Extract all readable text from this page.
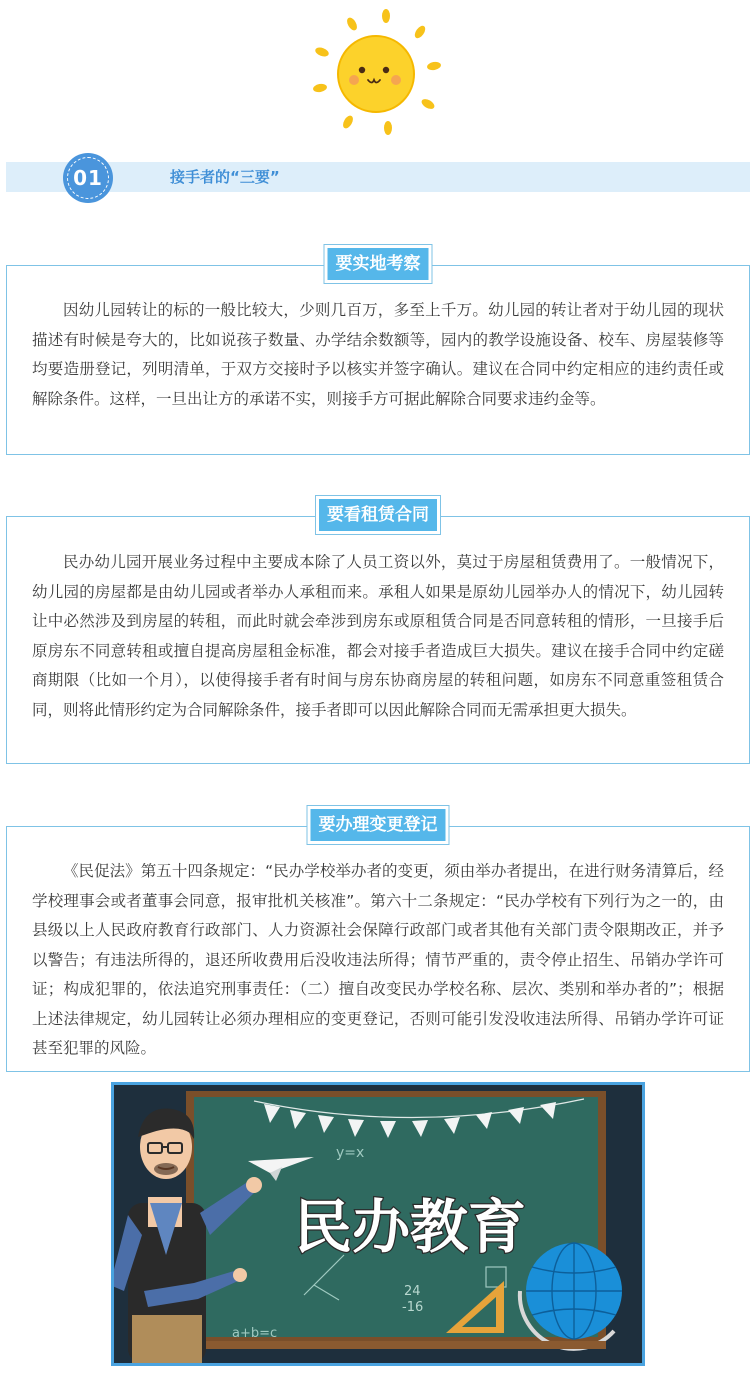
01	接手者的“三要”
要实地考察

因幼儿园转让的标的一般比较大，少则几百万，多至上千万。幼儿园的转让者对于幼儿园的现状描述有时候是夸大的，比如说孩子数量、办学结余数额等，园内的教学设施设备、校车、房屋装修等均要造册登记，列明清单，于双方交接时予以核实并签字确认。建议在合同中约定相应的违约责任或解除条件。这样，一旦出让方的承诺不实，则接手方可据此解除合同要求违约金等。

要看租赁合同

民办幼儿园开展业务过程中主要成本除了人员工资以外，莫过于房屋租赁费用了。一般情况下，幼儿园的房屋都是由幼儿园或者举办人承租而来。承租人如果是原幼儿园举办人的情况下，幼儿园转让中必然涉及到房屋的转租，而此时就会牵涉到房东或原租赁合同是否同意转租的情形，一旦接手后原房东不同意转租或擅自提高房屋租金标准，都会对接手者造成巨大损失。建议在接手合同中约定磋商期限（比如一个月），以使得接手者有时间与房东协商房屋的转租问题，如房东不同意重签租赁合同，则将此情形约定为合同解除条件，接手者即可以因此解除合同而无需承担更大损失。

要办理变更登记

《民促法》第五十四条规定：“民办学校举办者的变更，须由举办者提出，在进行财务清算后，经学校理事会或者董事会同意，报审批机关核准”。第六十二条规定：“民办学校有下列行为之一的，由县级以上人民政府教育行政部门、人力资源社会保障行政部门或者其他有关部门责令限期改正，并予以警告；有违法所得的，退还所收费用后没收违法所得；情节严重的，责令停止招生、吊销办学许可证；构成犯罪的，依法追究刑事责任：（二）擅自改变民办学校名称、层次、类别和举办者的”；根据上述法律规定，幼儿园转让必须办理相应的变更登记，否则可能引发没收违法所得、吊销办学许可证甚至犯罪的风险。

y=x
a+b=c
24
-16
民办教育
